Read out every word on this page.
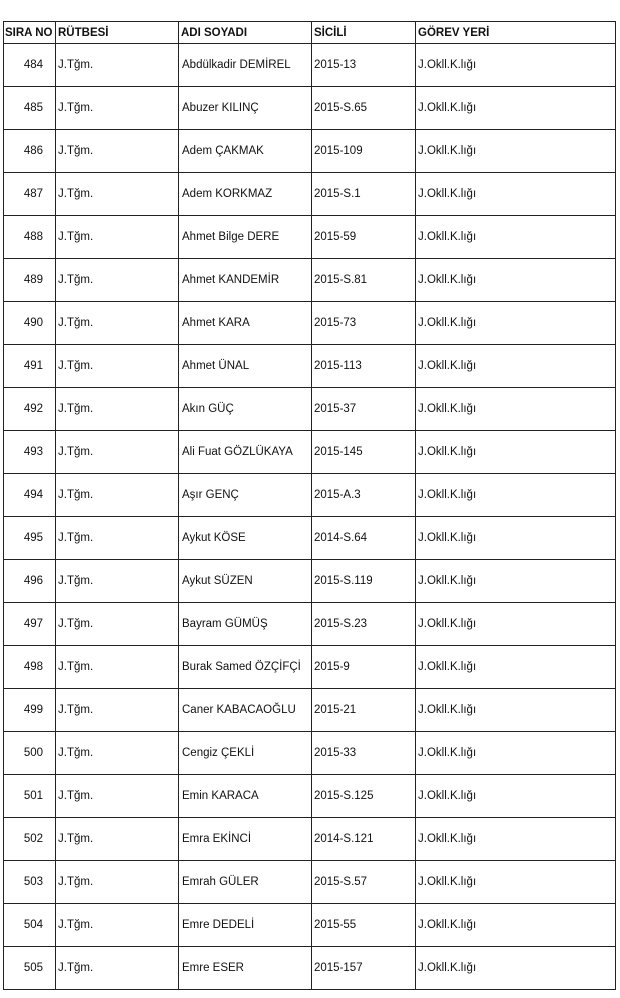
SIRA NO	RÜTBESİ	ADI SOYADI	SİCİLİ	GÖREV YERİ
484	J.Tğm.	Abdülkadir DEMİREL	2015-13	J.Okll.K.lığı
485	J.Tğm.	Abuzer KILINÇ	2015-S.65	J.Okll.K.lığı
486	J.Tğm.	Adem ÇAKMAK	2015-109	J.Okll.K.lığı
487	J.Tğm.	Adem KORKMAZ	2015-S.1	J.Okll.K.lığı
488	J.Tğm.	Ahmet Bilge DERE	2015-59	J.Okll.K.lığı
489	J.Tğm.	Ahmet KANDEMİR	2015-S.81	J.Okll.K.lığı
490	J.Tğm.	Ahmet KARA	2015-73	J.Okll.K.lığı
491	J.Tğm.	Ahmet ÜNAL	2015-113	J.Okll.K.lığı
492	J.Tğm.	Akın GÜÇ	2015-37	J.Okll.K.lığı
493	J.Tğm.	Ali Fuat GÖZLÜKAYA	2015-145	J.Okll.K.lığı
494	J.Tğm.	Aşır GENÇ	2015-A.3	J.Okll.K.lığı
495	J.Tğm.	Aykut KÖSE	2014-S.64	J.Okll.K.lığı
496	J.Tğm.	Aykut SÜZEN	2015-S.119	J.Okll.K.lığı
497	J.Tğm.	Bayram GÜMÜŞ	2015-S.23	J.Okll.K.lığı
498	J.Tğm.	Burak Samed ÖZÇİFÇİ	2015-9	J.Okll.K.lığı
499	J.Tğm.	Caner KABACAOĞLU	2015-21	J.Okll.K.lığı
500	J.Tğm.	Cengiz ÇEKLİ	2015-33	J.Okll.K.lığı
501	J.Tğm.	Emin KARACA	2015-S.125	J.Okll.K.lığı
502	J.Tğm.	Emra EKİNCİ	2014-S.121	J.Okll.K.lığı
503	J.Tğm.	Emrah GÜLER	2015-S.57	J.Okll.K.lığı
504	J.Tğm.	Emre DEDELİ	2015-55	J.Okll.K.lığı
505	J.Tğm.	Emre ESER	2015-157	J.Okll.K.lığı
